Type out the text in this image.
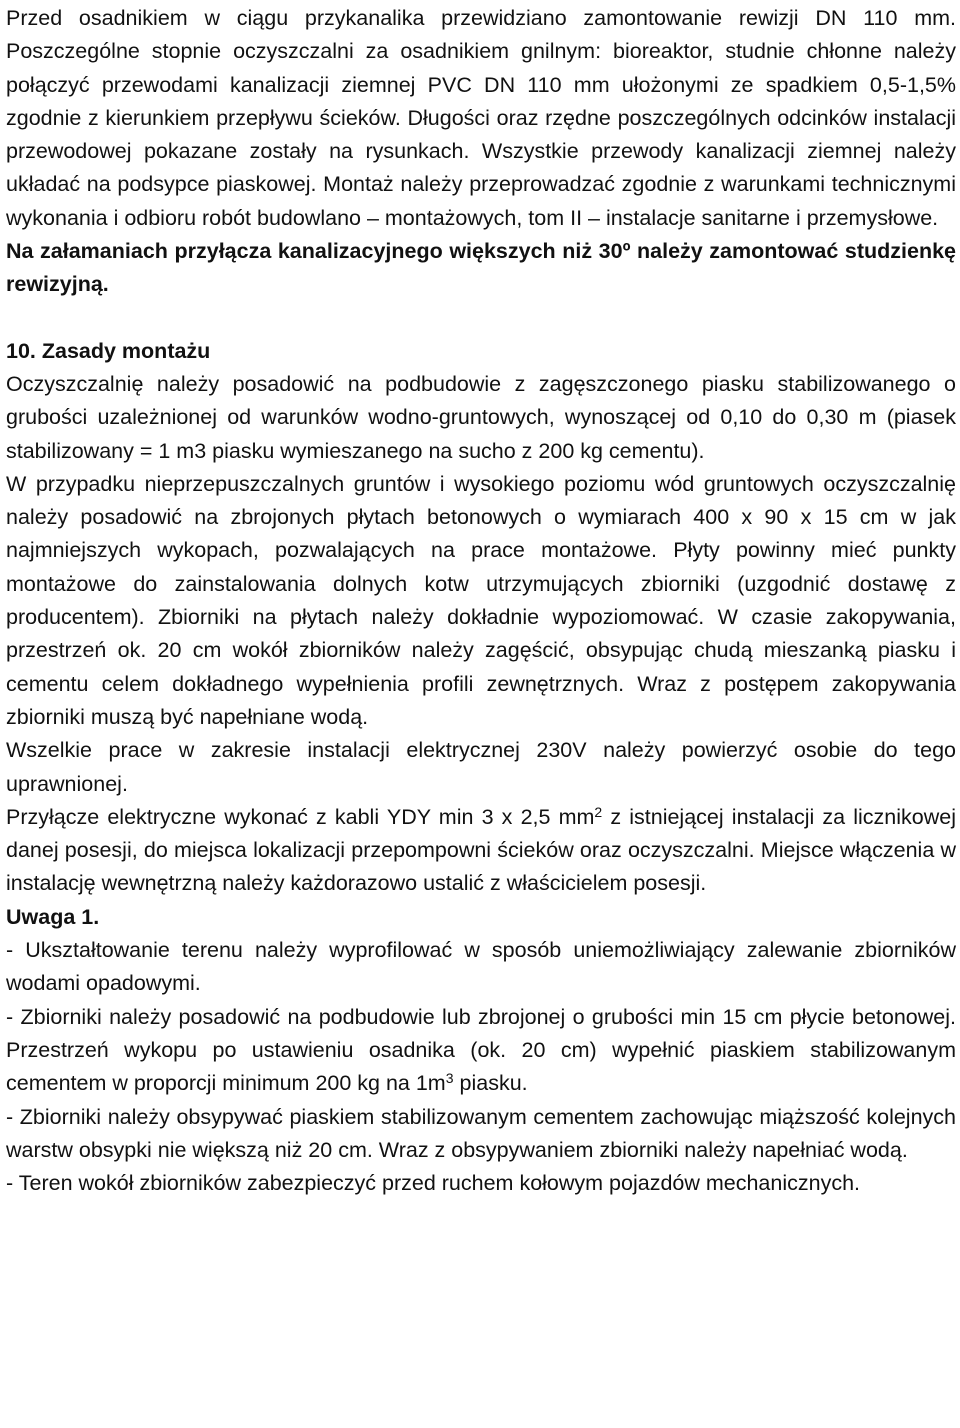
Przed osadnikiem w ciągu przykanalika przewidziano zamontowanie rewizji DN 110 mm. Poszczególne stopnie oczyszczalni za osadnikiem gnilnym: bioreaktor, studnie chłonne należy połączyć przewodami kanalizacji ziemnej PVC DN 110 mm ułożonymi ze spadkiem 0,5-1,5% zgodnie z kierunkiem przepływu ścieków. Długości oraz rzędne poszczególnych odcinków instalacji przewodowej pokazane zostały na rysunkach. Wszystkie przewody kanalizacji ziemnej należy układać na podsypce piaskowej. Montaż należy przeprowadzać zgodnie z warunkami technicznymi wykonania i odbioru robót budowlano – montażowych, tom II – instalacje sanitarne i przemysłowe.

Na załamaniach przyłącza kanalizacyjnego większych niż 30º należy zamontować studzienkę rewizyjną.

10. Zasady montażu

Oczyszczalnię należy posadowić na podbudowie z zagęszczonego piasku stabilizowanego o grubości uzależnionej od warunków wodno-gruntowych, wynoszącej od 0,10 do 0,30 m (piasek stabilizowany = 1 m3 piasku wymieszanego na sucho z 200 kg cementu).

W przypadku nieprzepuszczalnych gruntów i wysokiego poziomu wód gruntowych oczyszczalnię należy posadowić na zbrojonych płytach betonowych o wymiarach 400 x 90 x 15 cm w jak najmniejszych wykopach, pozwalających na prace montażowe. Płyty powinny mieć punkty montażowe do zainstalowania dolnych kotw utrzymujących zbiorniki (uzgodnić dostawę z producentem). Zbiorniki na płytach należy dokładnie wypoziomować. W czasie zakopywania, przestrzeń ok. 20 cm wokół zbiorników należy zagęścić, obsypując chudą mieszanką piasku i cementu celem dokładnego wypełnienia profili zewnętrznych. Wraz z postępem zakopywania zbiorniki muszą być napełniane wodą.

Wszelkie prace w zakresie instalacji elektrycznej 230V należy powierzyć osobie do tego uprawnionej.

Przyłącze elektryczne wykonać z kabli YDY min 3 x 2,5 $mm^2$ z istniejącej instalacji za licznikowej danej posesji, do miejsca lokalizacji przepompowni ścieków oraz oczyszczalni. Miejsce włączenia w instalację wewnętrzną należy każdorazowo ustalić z właścicielem posesji.

Uwaga 1.

- Ukształtowanie terenu należy wyprofilować w sposób uniemożliwiający zalewanie zbiorników wodami opadowymi.

- Zbiorniki należy posadowić na podbudowie lub zbrojonej o grubości min 15 cm płycie betonowej. Przestrzeń wykopu po ustawieniu osadnika (ok. 20 cm) wypełnić piaskiem stabilizowanym cementem w proporcji minimum 200 kg na $1m^3$ piasku.

- Zbiorniki należy obsypywać piaskiem stabilizowanym cementem zachowując miąższość kolejnych warstw obsypki nie większą niż 20 cm. Wraz z obsypywaniem zbiorniki należy napełniać wodą.

- Teren wokół zbiorników zabezpieczyć przed ruchem kołowym pojazdów mechanicznych.
